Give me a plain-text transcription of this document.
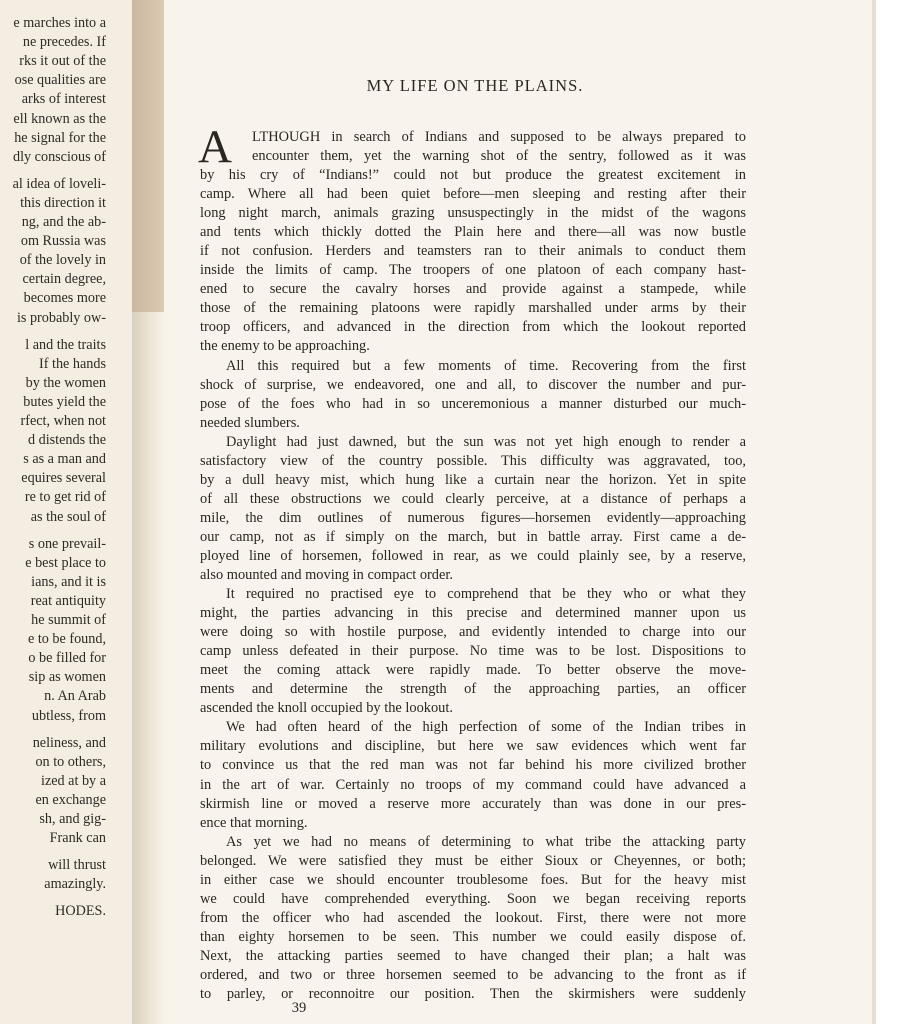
e marches into a
ne precedes. If
rks it out of the
ose qualities are
arks of interest
ell known as the
he signal for the
dly conscious of
al idea of loveli-
this direction it
ng, and the ab-
om Russia was
of the lovely in
certain degree,
becomes more
is probably ow-
l and the traits
If the hands
by the women
butes yield the
rfect, when not
d distends the
s as a man and
equires several
re to get rid of
as the soul of
s one prevail-
e best place to
ians, and it is
reat antiquity
he summit of
e to be found,
o be filled for
sip as women
n. An Arab
ubtless, from
neliness, and
on to others,
ized at by a
en exchange
sh, and gig-
Frank can
will thrust
amazingly.
HODES.
MY LIFE ON THE PLAINS.
A LTHOUGH in search of Indians and supposed to be always prepared to
encounter them, yet the warning shot of the sentry, followed as it was
by his cry of “Indians!” could not but produce the greatest excitement in
camp. Where all had been quiet before—men sleeping and resting after their
long night march, animals grazing unsuspectingly in the midst of the wagons
and tents which thickly dotted the Plain here and there—all was now bustle
if not confusion. Herders and teamsters ran to their animals to conduct them
inside the limits of camp. The troopers of one platoon of each company hast-
ened to secure the cavalry horses and provide against a stampede, while
those of the remaining platoons were rapidly marshalled under arms by their
troop officers, and advanced in the direction from which the lookout reported
the enemy to be approaching.
All this required but a few moments of time. Recovering from the first
shock of surprise, we endeavored, one and all, to discover the number and pur-
pose of the foes who had in so unceremonious a manner disturbed our much-
needed slumbers.
Daylight had just dawned, but the sun was not yet high enough to render a
satisfactory view of the country possible. This difficulty was aggravated, too,
by a dull heavy mist, which hung like a curtain near the horizon. Yet in spite
of all these obstructions we could clearly perceive, at a distance of perhaps a
mile, the dim outlines of numerous figures—horsemen evidently—approaching
our camp, not as if simply on the march, but in battle array. First came a de-
ployed line of horsemen, followed in rear, as we could plainly see, by a reserve,
also mounted and moving in compact order.
It required no practised eye to comprehend that be they who or what they
might, the parties advancing in this precise and determined manner upon us
were doing so with hostile purpose, and evidently intended to charge into our
camp unless defeated in their purpose. No time was to be lost. Dispositions to
meet the coming attack were rapidly made. To better observe the move-
ments and determine the strength of the approaching parties, an officer
ascended the knoll occupied by the lookout.
We had often heard of the high perfection of some of the Indian tribes in
military evolutions and discipline, but here we saw evidences which went far
to convince us that the red man was not far behind his more civilized brother
in the art of war. Certainly no troops of my command could have advanced a
skirmish line or moved a reserve more accurately than was done in our pres-
ence that morning.
As yet we had no means of determining to what tribe the attacking party
belonged. We were satisfied they must be either Sioux or Cheyennes, or both;
in either case we should encounter troublesome foes. But for the heavy mist
we could have comprehended everything. Soon we began receiving reports
from the officer who had ascended the lookout. First, there were not more
than eighty horsemen to be seen. This number we could easily dispose of.
Next, the attacking parties seemed to have changed their plan; a halt was
ordered, and two or three horsemen seemed to be advancing to the front as if
to parley, or reconnoitre our position. Then the skirmishers were suddenly
39
